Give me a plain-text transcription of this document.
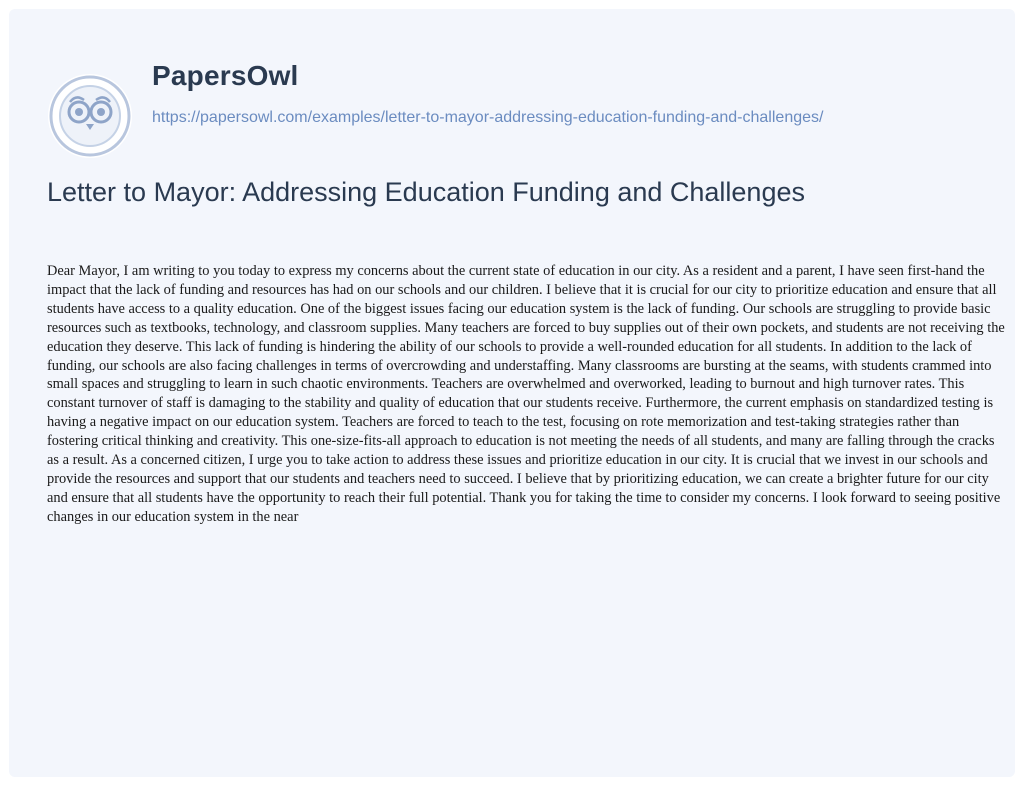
PapersOwl
https://papersowl.com/examples/letter-to-mayor-addressing-education-funding-and-challenges/
Letter to Mayor: Addressing Education Funding and Challenges

Dear Mayor, I am writing to you today to express my concerns about the current state of education in our city. As a resident and a parent, I have seen first-hand the impact that the lack of funding and resources has had on our schools and our children. I believe that it is crucial for our city to prioritize education and ensure that all students have access to a quality education. One of the biggest issues facing our education system is the lack of funding. Our schools are struggling to provide basic resources such as textbooks, technology, and classroom supplies. Many teachers are forced to buy supplies out of their own pockets, and students are not receiving the education they deserve. This lack of funding is hindering the ability of our schools to provide a well-rounded education for all students. In addition to the lack of funding, our schools are also facing challenges in terms of overcrowding and understaffing. Many classrooms are bursting at the seams, with students crammed into small spaces and struggling to learn in such chaotic environments. Teachers are overwhelmed and overworked, leading to burnout and high turnover rates. This constant turnover of staff is damaging to the stability and quality of education that our students receive. Furthermore, the current emphasis on standardized testing is having a negative impact on our education system. Teachers are forced to teach to the test, focusing on rote memorization and test-taking strategies rather than fostering critical thinking and creativity. This one-size-fits-all approach to education is not meeting the needs of all students, and many are falling through the cracks as a result. As a concerned citizen, I urge you to take action to address these issues and prioritize education in our city. It is crucial that we invest in our schools and provide the resources and support that our students and teachers need to succeed. I believe that by prioritizing education, we can create a brighter future for our city and ensure that all students have the opportunity to reach their full potential. Thank you for taking the time to consider my concerns. I look forward to seeing positive changes in our education system in the near
